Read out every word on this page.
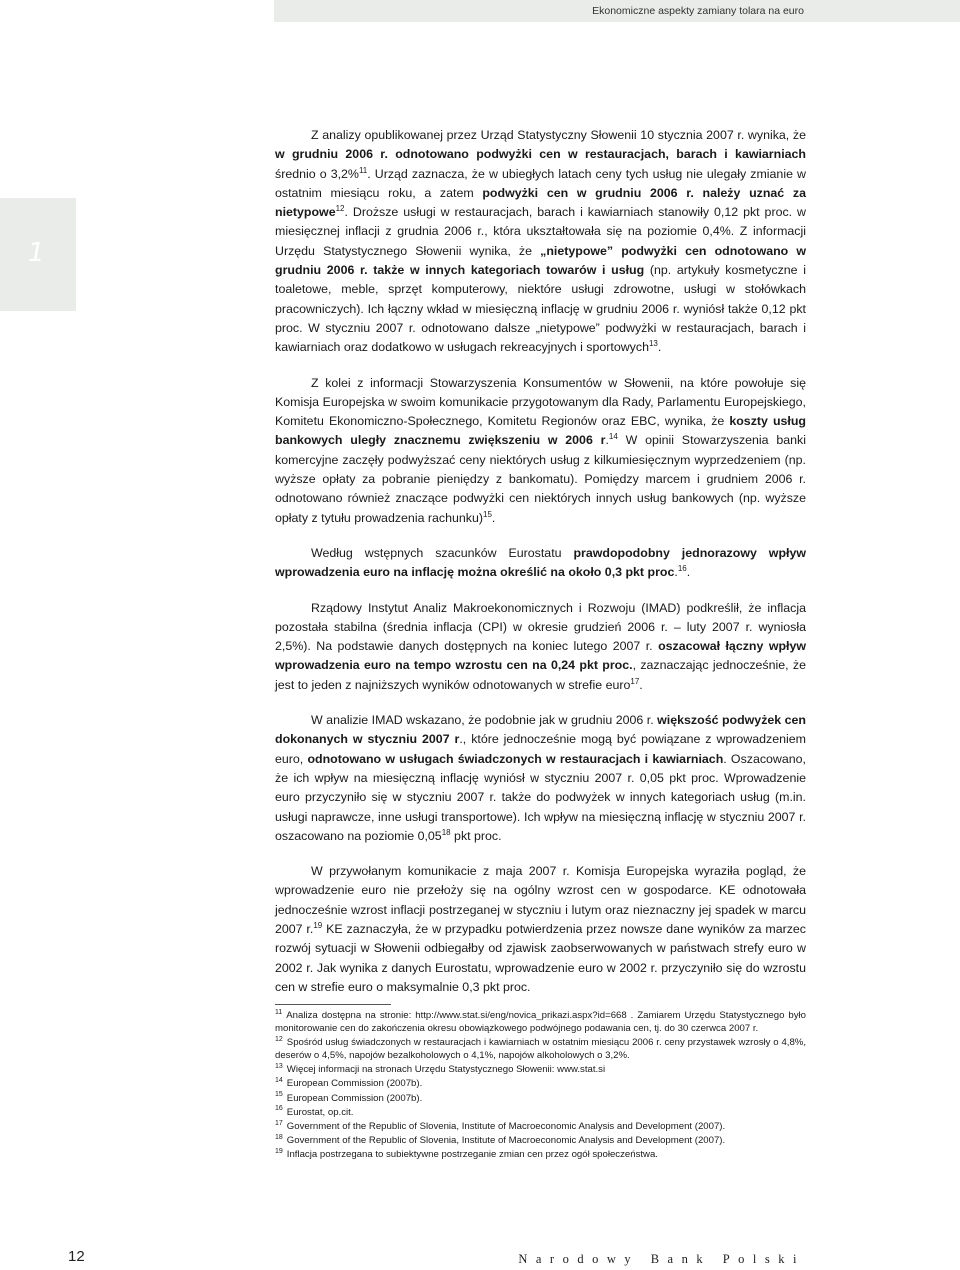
Ekonomiczne aspekty zamiany tolara na euro
1

Z analizy opublikowanej przez Urząd Statystyczny Słowenii 10 stycznia 2007 r. wynika, że w grudniu 2006 r. odnotowano podwyżki cen w restauracjach, barach i kawiarniach średnio o 3,2%$^{11}$. Urząd zaznacza, że w ubiegłych latach ceny tych usług nie ulegały zmianie w ostatnim miesiącu roku, a zatem podwyżki cen w grudniu 2006 r. należy uznać za nietypowe$^{12}$. Droższe usługi w restauracjach, barach i kawiarniach stanowiły 0,12 pkt proc. w miesięcznej inflacji z grudnia 2006 r., która ukształtowała się na poziomie 0,4%. Z informacji Urzędu Statystycznego Słowenii wynika, że „nietypowe” podwyżki cen odnotowano w grudniu 2006 r. także w innych kategoriach towarów i usług (np. artykuły kosmetyczne i toaletowe, meble, sprzęt komputerowy, niektóre usługi zdrowotne, usługi w stołówkach pracowniczych). Ich łączny wkład w miesięczną inflację w grudniu 2006 r. wyniósł także 0,12 pkt proc. W styczniu 2007 r. odnotowano dalsze „nietypowe” podwyżki w restauracjach, barach i kawiarniach oraz dodatkowo w usługach rekreacyjnych i sportowych$^{13}$.

Z kolei z informacji Stowarzyszenia Konsumentów w Słowenii, na które powołuje się Komisja Europejska w swoim komunikacie przygotowanym dla Rady, Parlamentu Europejskiego, Komitetu Ekonomiczno-Społecznego, Komitetu Regionów oraz EBC, wynika, że koszty usług bankowych uległy znacznemu zwiększeniu w 2006 r.$^{14}$ W opinii Stowarzyszenia banki komercyjne zaczęły podwyższać ceny niektórych usług z kilkumiesięcznym wyprzedzeniem (np. wyższe opłaty za pobranie pieniędzy z bankomatu). Pomiędzy marcem i grudniem 2006 r. odnotowano również znaczące podwyżki cen niektórych innych usług bankowych (np. wyższe opłaty z tytułu prowadzenia rachunku)$^{15}$.

Według wstępnych szacunków Eurostatu prawdopodobny jednorazowy wpływ wprowadzenia euro na inflację można określić na około 0,3 pkt proc.$^{16}$.

Rządowy Instytut Analiz Makroekonomicznych i Rozwoju (IMAD) podkreślił, że inflacja pozostała stabilna (średnia inflacja (CPI) w okresie grudzień 2006 r. – luty 2007 r. wyniosła 2,5%). Na podstawie danych dostępnych na koniec lutego 2007 r. oszacował łączny wpływ wprowadzenia euro na tempo wzrostu cen na 0,24 pkt proc., zaznaczając jednocześnie, że jest to jeden z najniższych wyników odnotowanych w strefie euro$^{17}$.

W analizie IMAD wskazano, że podobnie jak w grudniu 2006 r. większość podwyżek cen dokonanych w styczniu 2007 r., które jednocześnie mogą być powiązane z wprowadzeniem euro, odnotowano w usługach świadczonych w restauracjach i kawiarniach. Oszacowano, że ich wpływ na miesięczną inflację wyniósł w styczniu 2007 r. 0,05 pkt proc. Wprowadzenie euro przyczyniło się w styczniu 2007 r. także do podwyżek w innych kategoriach usług (m.in. usługi naprawcze, inne usługi transportowe). Ich wpływ na miesięczną inflację w styczniu 2007 r. oszacowano na poziomie 0,05$^{18}$ pkt proc.

W przywołanym komunikacie z maja 2007 r. Komisja Europejska wyraziła pogląd, że wprowadzenie euro nie przełoży się na ogólny wzrost cen w gospodarce. KE odnotowała jednocześnie wzrost inflacji postrzeganej w styczniu i lutym oraz nieznaczny jej spadek w marcu 2007 r.$^{19}$ KE zaznaczyła, że w przypadku potwierdzenia przez nowsze dane wyników za marzec rozwój sytuacji w Słowenii odbiegałby od zjawisk zaobserwowanych w państwach strefy euro w 2002 r. Jak wynika z danych Eurostatu, wprowadzenie euro w 2002 r. przyczyniło się do wzrostu cen w strefie euro o maksymalnie 0,3 pkt proc.

$^{11}$ Analiza dostępna na stronie: http://www.stat.si/eng/novica_prikazi.aspx?id=668 . Zamiarem Urzędu Statystycznego było monitorowanie cen do zakończenia okresu obowiązkowego podwójnego podawania cen, tj. do 30 czerwca 2007 r.
$^{12}$ Spośród usług świadczonych w restauracjach i kawiarniach w ostatnim miesiącu 2006 r. ceny przystawek wzrosły o 4,8%, deserów o 4,5%, napojów bezalkoholowych o 4,1%, napojów alkoholowych o 3,2%.
$^{13}$ Więcej informacji na stronach Urzędu Statystycznego Słowenii: www.stat.si
$^{14}$ European Commission (2007b).
$^{15}$ European Commission (2007b).
$^{16}$ Eurostat, op.cit.
$^{17}$ Government of the Republic of Slovenia, Institute of Macroeconomic Analysis and Development (2007).
$^{18}$ Government of the Republic of Slovenia, Institute of Macroeconomic Analysis and Development (2007).
$^{19}$ Inflacja postrzegana to subiektywne postrzeganie zmian cen przez ogół społeczeństwa.
12	Narodowy Bank Polski
